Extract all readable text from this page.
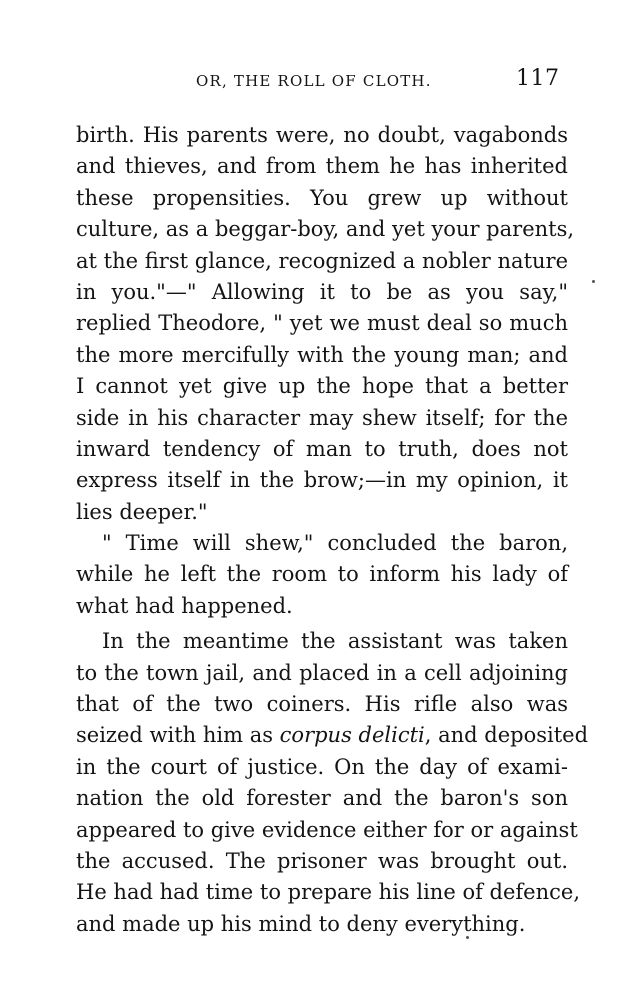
OR, THE ROLL OF CLOTH.	117
birth. His parents were, no doubt, vagabonds
and thieves, and from them he has inherited
these propensities. You grew up without
culture, as a beggar-boy, and yet your parents,
at the first glance, recognized a nobler nature
in you."—" Allowing it to be as you say,"
replied Theodore, " yet we must deal so much
the more mercifully with the young man; and
I cannot yet give up the hope that a better
side in his character may shew itself; for the
inward tendency of man to truth, does not
express itself in the brow;—in my opinion, it
lies deeper."
" Time will shew," concluded the baron,
while he left the room to inform his lady of
what had happened.
In the meantime the assistant was taken
to the town jail, and placed in a cell adjoining
that of the two coiners. His rifle also was
seized with him as corpus delicti, and deposited
in the court of justice. On the day of exami-
nation the old forester and the baron's son
appeared to give evidence either for or against
the accused. The prisoner was brought out.
He had had time to prepare his line of defence,
and made up his mind to deny everything.
